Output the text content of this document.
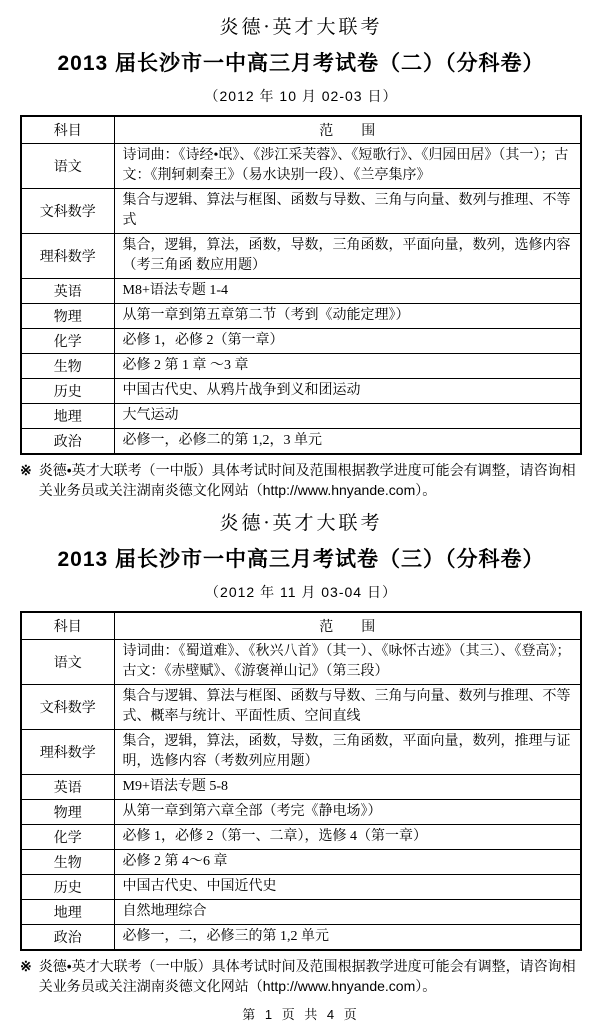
炎德·英才大联考
2013 届长沙市一中高三月考试卷（二）（分科卷）
（2012 年 10 月 02-03 日）
科目	范　　围
语文	诗词曲：《诗经•氓》、《涉江采芙蓉》、《短歌行》、《归园田居》（其一）；古文：《荆轲刺秦王》（易水诀别一段）、《兰亭集序》
文科数学	集合与逻辑、算法与框图、函数与导数、三角与向量、数列与推理、不等式
理科数学	集合，逻辑，算法，函数，导数，三角函数，平面向量，数列，选修内容（考三角函 数应用题）
英语	M8+语法专题 1-4
物理	从第一章到第五章第二节（考到《动能定理》）
化学	必修 1，必修 2（第一章）
生物	必修 2 第 1 章 ～3 章
历史	中国古代史、从鸦片战争到义和团运动
地理	大气运动
政治	必修一，必修二的第 1,2，3 单元
※ 炎德•英才大联考（一中版）具体考试时间及范围根据教学进度可能会有调整，请咨询相关业务员或关注湖南炎德文化网站（http://www.hnyande.com）。
炎德·英才大联考
2013 届长沙市一中高三月考试卷（三）（分科卷）
（2012 年 11 月 03-04 日）
科目	范　　围
语文	诗词曲：《蜀道难》、《秋兴八首》（其一）、《咏怀古迹》（其三）、《登高》；古文：《赤壁赋》、《游褒禅山记》（第三段）
文科数学	集合与逻辑、算法与框图、函数与导数、三角与向量、数列与推理、不等式、概率与统计、平面性质、空间直线
理科数学	集合，逻辑，算法，函数，导数，三角函数，平面向量，数列，推理与证明，选修内容（考数列应用题）
英语	M9+语法专题 5-8
物理	从第一章到第六章全部（考完《静电场》）
化学	必修 1，必修 2（第一、二章），选修 4（第一章）
生物	必修 2 第 4～6 章
历史	中国古代史、中国近代史
地理	自然地理综合
政治	必修一，二，必修三的第 1,2 单元
※ 炎德•英才大联考（一中版）具体考试时间及范围根据教学进度可能会有调整，请咨询相关业务员或关注湖南炎德文化网站（http://www.hnyande.com）。
第 1 页 共 4 页
